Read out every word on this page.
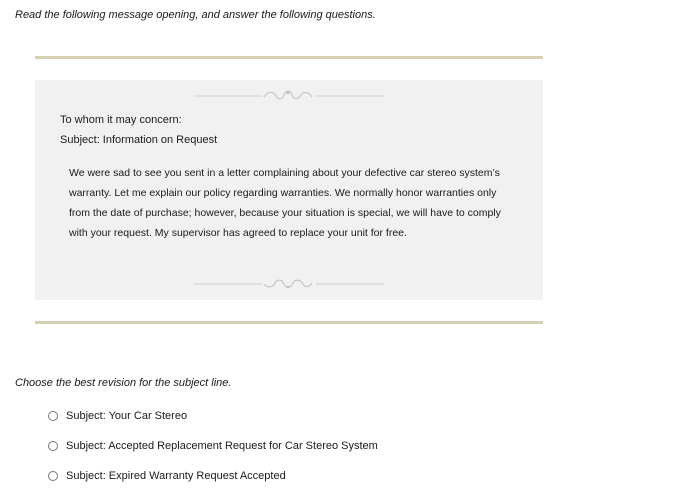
Read the following message opening, and answer the following questions.

To whom it may concern:

Subject: Information on Request

We were sad to see you sent in a letter complaining about your defective car stereo system’s warranty. Let me explain our policy regarding warranties. We normally honor warranties only from the date of purchase; however, because your situation is special, we will have to comply with your request. My supervisor has agreed to replace your unit for free.

Choose the best revision for the subject line.

Subject: Your Car Stereo
Subject: Accepted Replacement Request for Car Stereo System
Subject: Expired Warranty Request Accepted
